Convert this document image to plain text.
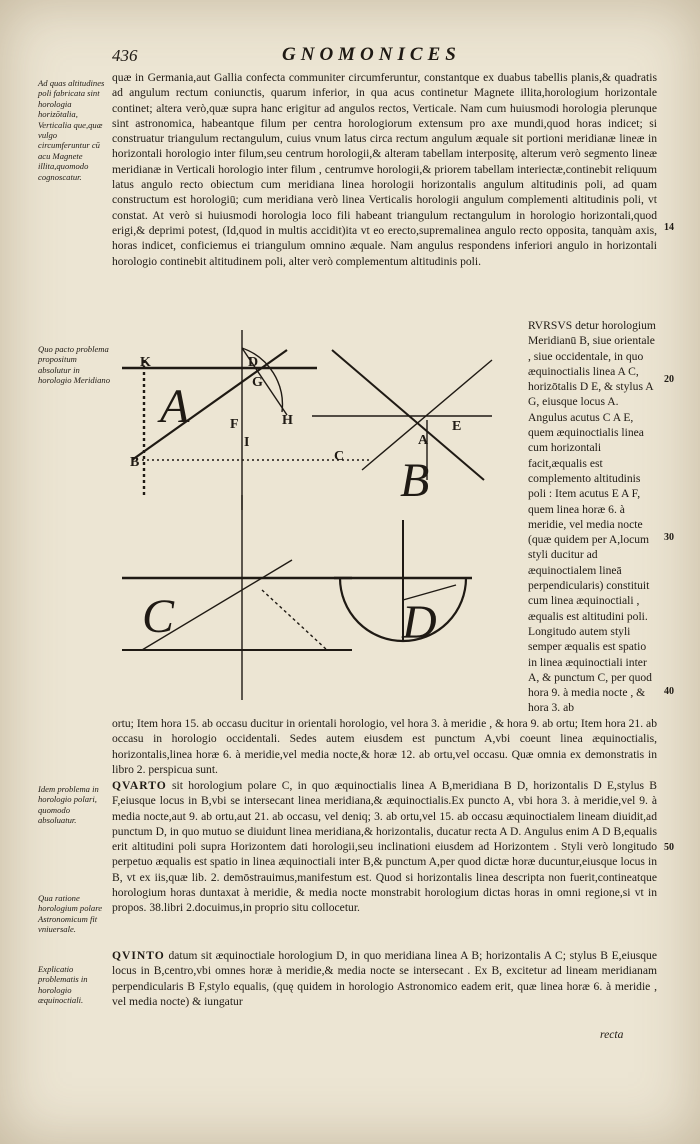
436	GNOMONICES

Ad quas altitudines poli fabricata sint horologia horizōtalia, Verticalia que,quæ vulgo circumferuntur cū acu Magnete illita,quomodo cognoscatur.

Quo pacto problema propositum absolutur in horologio Meridiano

Idem problema in horologio polari, quomodo absoluatur.

Qua ratione horologium polare Astronomicum fit vniuersale.

Explicatio problematis in horologio æquinoctiali.

14
20
30
40
50

quæ in Germania,aut Gallia confecta communiter circumferuntur, constantque ex duabus tabellis planis,& quadratis ad angulum rectum coniunctis, quarum inferior, in qua acus continetur Magnete illita,horologium horizontale continet; altera verò,quæ supra hanc erigitur ad angulos rectos, Verticale. Nam cum huiusmodi horologia plerunque sint astronomica, habeantque filum per centra horologiorum extensum pro axe mundi,quod horas indicet; si construatur triangulum rectangulum, cuius vnum latus circa rectum angulum æquale sit portioni meridianæ lineæ in horizontali horologio inter filum,seu centrum horologii,& alteram tabellam interpositę, alterum verò segmento lineæ meridianæ in Verticali horologio inter filum , centrumve horologii,& priorem tabellam interiectæ,continebit reliquum latus angulo recto obiectum cum meridiana linea horologii horizontalis angulum altitudinis poli, ad quam constructum est horologiū; cum meridiana verò linea Verticalis horologii angulum complementi altitudinis poli, vt constat. At verò si huiusmodi horologia loco fili habeant triangulum rectangulum in horologio horizontali,quod erigi,& deprimi potest, (Id,quod in multis accidit)ita vt eo erecto,supremalinea angulo recto opposita, tanquàm axis, horas indicet, conficiemus ei triangulum omnino æquale. Nam angulus respondens inferiori angulo in horizontali horologio continebit altitudinem poli, alter verò complementum altitudinis poli.

RVRSVS detur horologium Meridianū B, siue orientale , siue occidentale, in quo æquinoctialis linea A C, horizōtalis D E, & stylus A G, eiusque locus A. Angulus acutus C A E, quem æquinoctialis linea cum horizontali facit,æqualis est complemento altitudinis poli : Item acutus E A F, quem linea horæ 6. à meridie, vel media nocte (quæ quidem per A,locum styli ducitur ad æquinoctialem lineā perpendicularis) constituit cum linea æquinoctiali , æqualis est altitudini poli. Longitudo autem styli semper æqualis est spatio in linea æquinoctiali inter A, & punctum C, per quod hora 9. à media nocte , & hora 3. ab

A
B
C	D
K	D
G
H
F
I
B	C
E
A

ortu; Item hora 15. ab occasu ducitur in orientali horologio, vel hora 3. à meridie , & hora 9. ab ortu; Item hora 21. ab occasu in horologio occidentali. Sedes autem eiusdem est punctum A,vbi coeunt linea æquinoctialis, horizontalis,linea horæ 6. à meridie,vel media nocte,& horæ 12. ab ortu,vel occasu. Quæ omnia ex demonstratis in libro 2. perspicua sunt.

QVARTO sit horologium polare C, in quo æquinoctialis linea A B,meridiana B D, horizontalis D E,stylus B F,eiusque locus in B,vbi se intersecant linea meridiana,& æquinoctialis.Ex puncto A, vbi hora 3. à meridie,vel 9. à media nocte,aut 9. ab ortu,aut 21. ab occasu, vel deniq; 3. ab ortu,vel 15. ab occasu æquinoctialem lineam diuidit,ad punctum D, in quo mutuo se diuidunt linea meridiana,& horizontalis, ducatur recta A D. Angulus enim A D B,equalis erit altitudini poli supra Horizontem dati horologii,seu inclinationi eiusdem ad Horizontem . Styli verò longitudo perpetuo æqualis est spatio in linea æquinoctiali inter B,& punctum A,per quod dictæ horæ ducuntur,eiusque locus in B, vt ex iis,quæ lib. 2. demōstrauimus,manifestum est. Quod si horizontalis linea descripta non fuerit,contineatque horologium horas duntaxat à meridie, & media nocte monstrabit horologium dictas horas in omni regione,si vt in propos. 38.libri 2.docuimus,in proprio situ collocetur.

QVINTO datum sit æquinoctiale horologium D, in quo meridiana linea A B; horizontalis A C; stylus B E,eiusque locus in B,centro,vbi omnes horæ à meridie,& media nocte se intersecant . Ex B, excitetur ad lineam meridianam perpendicularis B F,stylo equalis, (quę quidem in horologio Astronomico eadem erit, quæ linea horæ 6. à meridie , vel media nocte) & iungatur

recta
